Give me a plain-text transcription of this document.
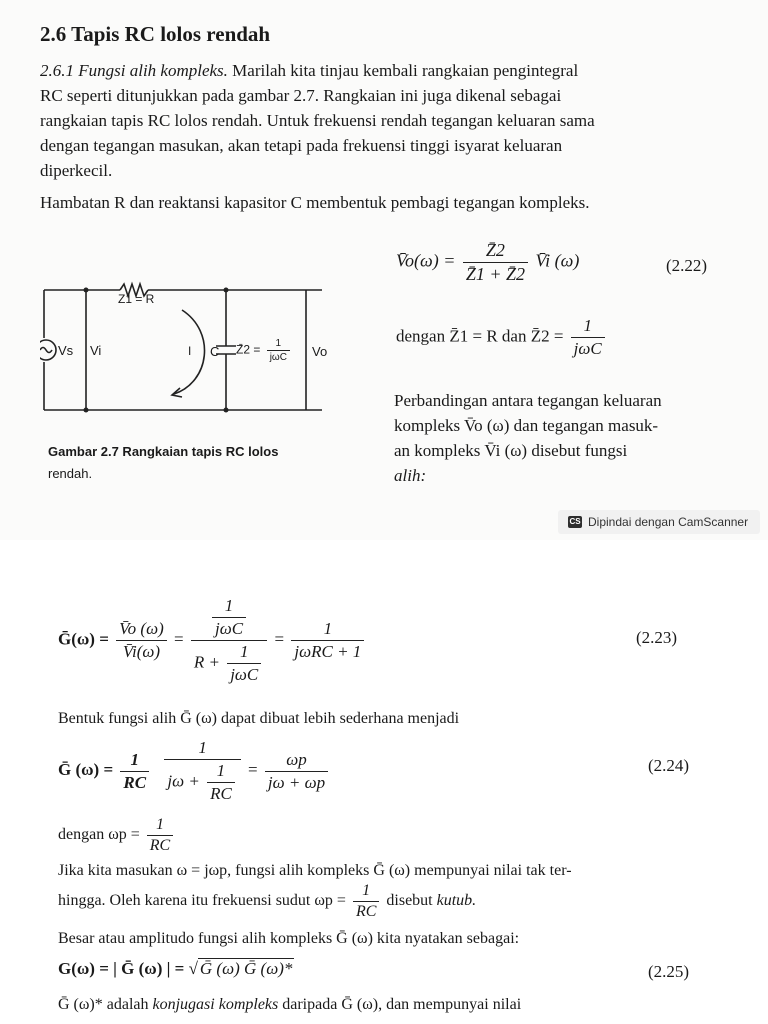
2.6 Tapis RC lolos rendah
2.6.1 Fungsi alih kompleks. Marilah kita tinjau kembali rangkaian pengintegral
RC seperti ditunjukkan pada gambar 2.7. Rangkaian ini juga dikenal sebagai
rangkaian tapis RC lolos rendah. Untuk frekuensi rendah tegangan keluaran sama
dengan tegangan masukan, akan tetapi pada frekuensi tinggi isyarat keluaran
diperkecil.
Hambatan R dan reaktansi kapasitor C membentuk pembagi tegangan kompleks.
V̄o(ω) = $\frac{Z̄2}{Z̄1 + Z̄2}$ V̄i (ω)	(2.22)
dengan Z̄1 = R dan Z̄2 = $\frac{1}{\text{jωC}}$
Perbandingan antara tegangan keluaran
kompleks V̄o (ω) dan tegangan masuk-
an kompleks V̄i (ω) disebut fungsi
alih:
Z1 = R
Vs Vi	I C Z̄2 = $\frac{1}{\text{jωC}}$ Vo
Gambar 2.7 Rangkaian tapis RC lolos
rendah.
CS Dipindai dengan CamScanner
Ḡ(ω) = $\frac{V̄o (\omega)}{V̄i(\omega)} = \frac{\frac{1}{\text{jωC}}}{R + \frac{1}{\text{jωC}}} = \frac{1}{\text{jωRC + 1}}$	(2.23)
Bentuk fungsi alih Ḡ (ω) dapat dibuat lebih sederhana menjadi
Ḡ $(\omega) = \frac{1}{RC}$
$\frac{1}{j\omega + \frac{1}{RC}} = \frac{\omega p}{j\omega + \omega p}$	(2.24)
dengan $\omega p = \frac{1}{RC}$
Jika kita masukan ω = jωp, fungsi alih kompleks Ḡ (ω) mempunyai nilai tak ter-
hingga. Oleh karena itu frekuensi sudut $\omega p = \frac{1}{RC}$ disebut kutub.
Besar atau amplitudo fungsi alih kompleks Ḡ (ω) kita nyatakan sebagai:
G(ω) = | Ḡ (ω) | = √ Ḡ (ω) Ḡ (ω)*	(2.25)
Ḡ (ω)* adalah konjugasi kompleks daripada Ḡ (ω), dan mempunyai nilai
